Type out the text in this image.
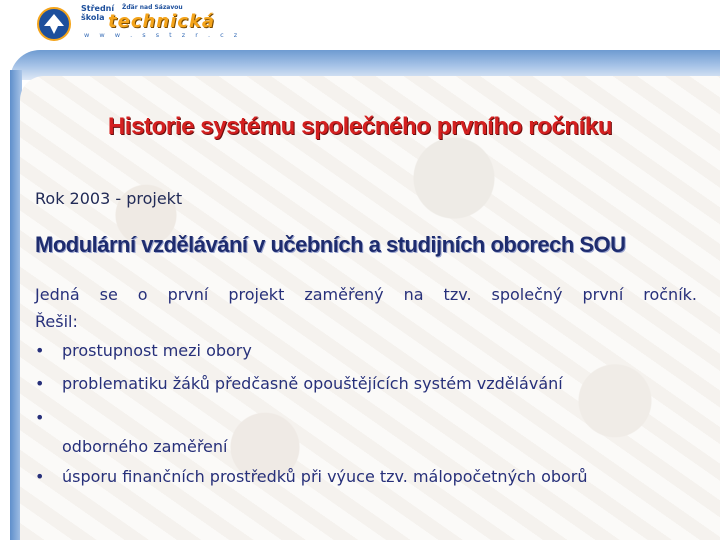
Střední
škola
Žďár nad Sázavou
technická
w w w . s s t z r . c z
Historie systému společného prvního ročníku
Rok 2003 - projekt
Modulární vzdělávání v učebních a studijních oborech SOU

Jedná se o první projekt zaměřený na tzv. společný první ročník.

Řešil:

• prostupnost mezi obory
• problematiku žáků předčasně opouštějících systém vzdělávání
•

odborného zaměření
• úsporu finančních prostředků při výuce tzv. málopočetných oborů
